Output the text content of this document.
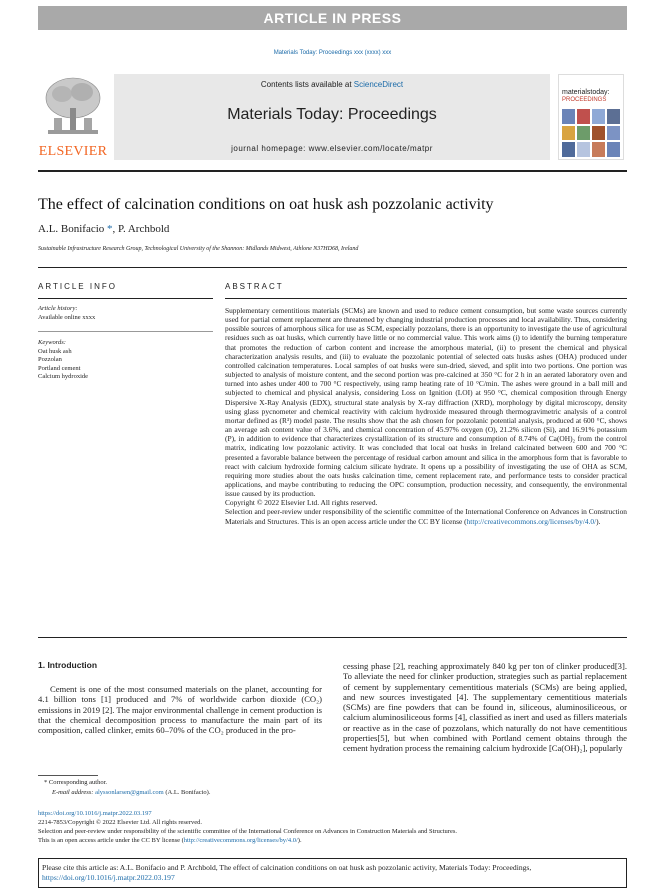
ARTICLE IN PRESS
Materials Today: Proceedings xxx (xxxx) xxx
ELSEVIER
Contents lists available at ScienceDirect
Materials Today: Proceedings
journal homepage: www.elsevier.com/locate/matpr
materialstoday:
PROCEEDINGS
The effect of calcination conditions on oat husk ash pozzolanic activity
A.L. Bonifacio *, P. Archbold
Sustainable Infrastructure Research Group, Technological University of the Shannon: Midlands Midwest, Athlone N37HD68, Ireland
ARTICLE INFO	ABSTRACT
Article history:
Available online xxxx
Keywords:
Oat husk ash
Pozzolan
Portland cement
Calcium hydroxide

Supplementary cementitious materials (SCMs) are known and used to reduce cement consumption, but some waste sources currently used for partial cement replacement are threatened by changing industrial production processes and local availability. Thus, considering possible sources of amorphous silica for use as SCM, especially pozzolans, there is an opportunity to investigate the use of agricultural residues such as oat husks, which currently have little or no commercial value. This work aims (i) to identify the burning temperature that promotes the reduction of carbon content and increase the amorphous material, (ii) to present the chemical and physical characterization analysis results, and (iii) to evaluate the pozzolanic potential of selected oats husks ashes (OHA) produced under controlled calcination temperatures. Local samples of oat husks were sun-dried, sieved, and split into two portions. One portion was subjected to analysis of moisture content, and the second portion was pre-calcined at 350 °C for 2 h in an aerated laboratory oven and turned into ashes under 400 to 700 °C respectively, using ramp heating rate of 10 °C/min. The ashes were ground in a ball mill and subjected to chemical and physical analysis, considering Loss on Ignition (LOI) at 950 °C, chemical composition through Energy Dispersive X-Ray Analysis (EDX), structural state analysis by X-ray diffraction (XRD), morphology by digital microscopy, density using glass pycnometer and chemical reactivity with calcium hydroxide measured through thermogravimetric analysis of a control mortar defined as (R³) model paste. The results show that the ash chosen for pozzolanic potential analysis, produced at 600 °C, shows an average ash content value of 3.6%, and chemical concentration of 45.97% oxygen (O), 21.2% silicon (Si), and 16.91% potassium (P), in addition to evidence that characterizes crystallization of its structure and consumption of 8.74% of Ca(OH)₂ from the control matrix, indicating low pozzolanic activity. It was concluded that local oat husks in Ireland calcinated between 600 and 700 °C presented a favorable balance between the percentage of residual carbon amount and silica in the amorphous form that is favorable to react with calcium hydroxide forming calcium silicate hydrate. It opens up a possibility of investigating the use of OHA as SCM, requiring more studies about the oats husks calcination time, cement replacement rate, and performance tests to consider practical applications, and maybe contributing to reducing the OPC consumption, production necessity, and consequently, the environmental issue caused by its production.

Copyright © 2022 Elsevier Ltd. All rights reserved.

Selection and peer-review under responsibility of the scientific committee of the International Conference on Advances in Construction Materials and Structures. This is an open access article under the CC BY license (http://creativecommons.org/licenses/by/4.0/).

1. Introduction
Cement is one of the most consumed materials on the planet, accounting for 4.1 billion tons [1] produced and 7% of worldwide carbon dioxide (CO₂) emissions in 2019 [2]. The major environmental challenge in cement production is that the chemical decomposition process to manufacture the main part of its composition, called clinker, emits 60–70% of the CO₂ produced in the pro-
cessing phase [2], reaching approximately 840 kg per ton of clinker produced[3]. To alleviate the need for clinker production, strategies such as partial replacement of cement by supplementary cementitious materials (SCMs) are being applied, and new sources investigated [4]. The supplementary cementitious materials (SCMs) are fine powders that can be found in, siliceous, aluminosiliceous, or calcium aluminosiliceous forms [4], classified as inert and used as fillers materials or reactive as in the case of pozzolans, which naturally do not have cementitious properties[5], but when combined with Portland cement obtains through the cement hydration process the remaining calcium hydroxide [Ca(OH)₂], popularly
* Corresponding author.
E-mail address: alyssonlarsen@gmail.com (A.L. Bonifacio).
https://doi.org/10.1016/j.matpr.2022.03.197
2214-7853/Copyright © 2022 Elsevier Ltd. All rights reserved.
Selection and peer-review under responsibility of the scientific committee of the International Conference on Advances in Construction Materials and Structures.
This is an open access article under the CC BY license (http://creativecommons.org/licenses/by/4.0/).
Please cite this article as: A.L. Bonifacio and P. Archbold, The effect of calcination conditions on oat husk ash pozzolanic activity, Materials Today: Proceedings, https://doi.org/10.1016/j.matpr.2022.03.197
